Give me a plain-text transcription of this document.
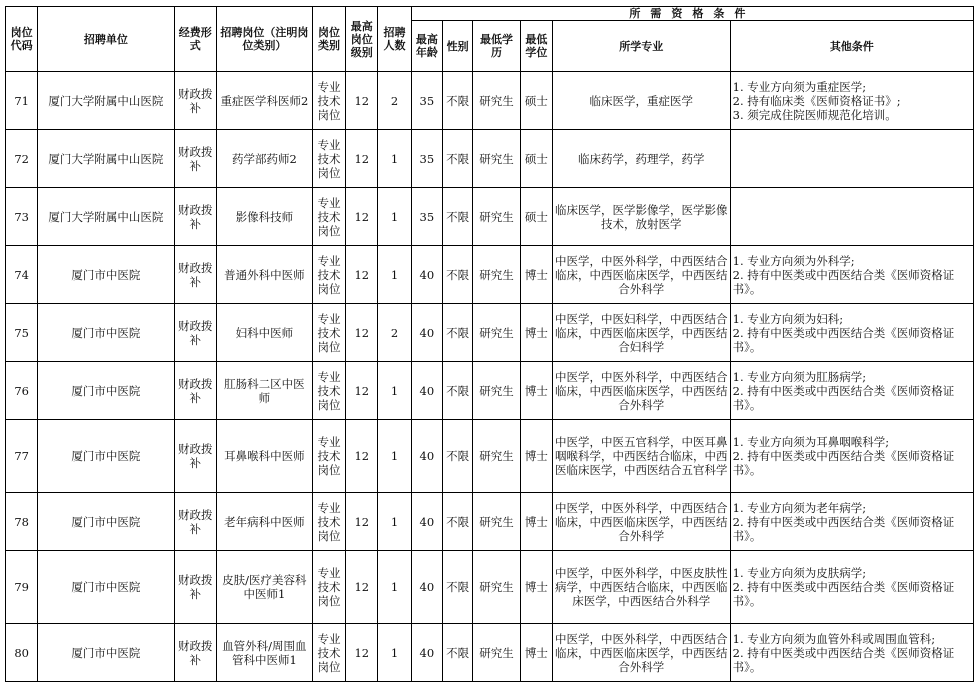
岗位代码	招聘单位	经费形式	招聘岗位（注明岗位类别）	岗位类别	最高岗位级别	招聘人数	所需资格条件					
							最高年龄	性别	最低学历	最低学位	所学专业	其他条件
71	厦门大学附属中山医院	财政拨补	重症医学科医师2	专业技术岗位	12	2	35	不限	研究生	硕士	临床医学，重症医学	1. 专业方向须为重症医学;
2. 持有临床类《医师资格证书》;
3. 须完成住院医师规范化培训。

72	厦门大学附属中山医院	财政拨补	药学部药师2	专业技术岗位	12	1	35	不限	研究生	硕士	临床药学，药理学，药学	
73	厦门大学附属中山医院	财政拨补	影像科技师	专业技术岗位	12	1	35	不限	研究生	硕士	临床医学，医学影像学，医学影像技术，放射医学	
74	厦门市中医院	财政拨补	普通外科中医师	专业技术岗位	12	1	40	不限	研究生	博士	中医学，中医外科学，中西医结合临床，中西医临床医学，中西医结合外科学	1. 专业方向须为外科学;
2. 持有中医类或中西医结合类《医师资格证书》。

75	厦门市中医院	财政拨补	妇科中医师	专业技术岗位	12	2	40	不限	研究生	博士	中医学，中医妇科学，中西医结合临床，中西医临床医学，中西医结合妇科学	1. 专业方向须为妇科;
2. 持有中医类或中西医结合类《医师资格证书》。

76	厦门市中医院	财政拨补	肛肠科二区中医师	专业技术岗位	12	1	40	不限	研究生	博士	中医学，中医外科学，中西医结合临床，中西医临床医学，中西医结合外科学	1. 专业方向须为肛肠病学;
2. 持有中医类或中西医结合类《医师资格证书》。

77	厦门市中医院	财政拨补	耳鼻喉科中医师	专业技术岗位	12	1	40	不限	研究生	博士	中医学，中医五官科学，中医耳鼻咽喉科学，中西医结合临床，中西医临床医学，中西医结合五官科学	1. 专业方向须为耳鼻咽喉科学;
2. 持有中医类或中西医结合类《医师资格证书》。

78	厦门市中医院	财政拨补	老年病科中医师	专业技术岗位	12	1	40	不限	研究生	博士	中医学，中医外科学，中西医结合临床，中西医临床医学，中西医结合外科学	1. 专业方向须为老年病学;
2. 持有中医类或中西医结合类《医师资格证书》。

79	厦门市中医院	财政拨补	皮肤/医疗美容科中医师1	专业技术岗位	12	1	40	不限	研究生	博士	中医学，中医外科学，中医皮肤性病学，中西医结合临床，中西医临床医学，中西医结合外科学	1. 专业方向须为皮肤病学;
2. 持有中医类或中西医结合类《医师资格证书》。

80	厦门市中医院	财政拨补	血管外科/周围血管科中医师1	专业技术岗位	12	1	40	不限	研究生	博士	中医学，中医外科学，中西医结合临床，中西医临床医学，中西医结合外科学	1. 专业方向须为血管外科或周围血管科;
2. 持有中医类或中西医结合类《医师资格证书》。
